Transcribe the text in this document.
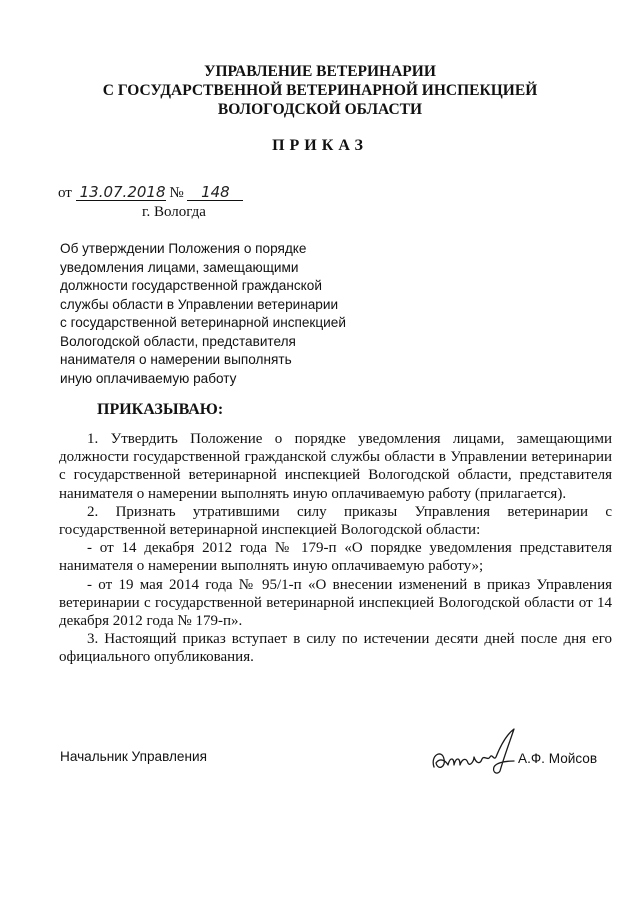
УПРАВЛЕНИЕ ВЕТЕРИНАРИИ
С ГОСУДАРСТВЕННОЙ ВЕТЕРИНАРНОЙ ИНСПЕКЦИЕЙ
ВОЛОГОДСКОЙ ОБЛАСТИ
ПРИКАЗ
от 13.07.2018 № 148
г. Вологда
Об утверждении Положения о порядке
уведомления лицами, замещающими
должности государственной гражданской
службы области в Управлении ветеринарии
с государственной ветеринарной инспекцией
Вологодской области, представителя
нанимателя о намерении выполнять
иную оплачиваемую работу
ПРИКАЗЫВАЮ:

1. Утвердить Положение о порядке уведомления лицами, замещающими должности государственной гражданской службы области в Управлении ветеринарии с государственной ветеринарной инспекцией Вологодской области, представителя нанимателя о намерении выполнять иную оплачиваемую работу (прилагается).

2. Признать утратившими силу приказы Управления ветеринарии с государственной ветеринарной инспекцией Вологодской области:

- от 14 декабря 2012 года № 179-п «О порядке уведомления представителя нанимателя о намерении выполнять иную оплачиваемую работу»;

- от 19 мая 2014 года № 95/1-п «О внесении изменений в приказ Управления ветеринарии с государственной ветеринарной инспекцией Вологодской области от 14 декабря 2012 года № 179-п».

3. Настоящий приказ вступает в силу по истечении десяти дней после дня его официального опубликования.

Начальник Управления	А.Ф. Мойсов
